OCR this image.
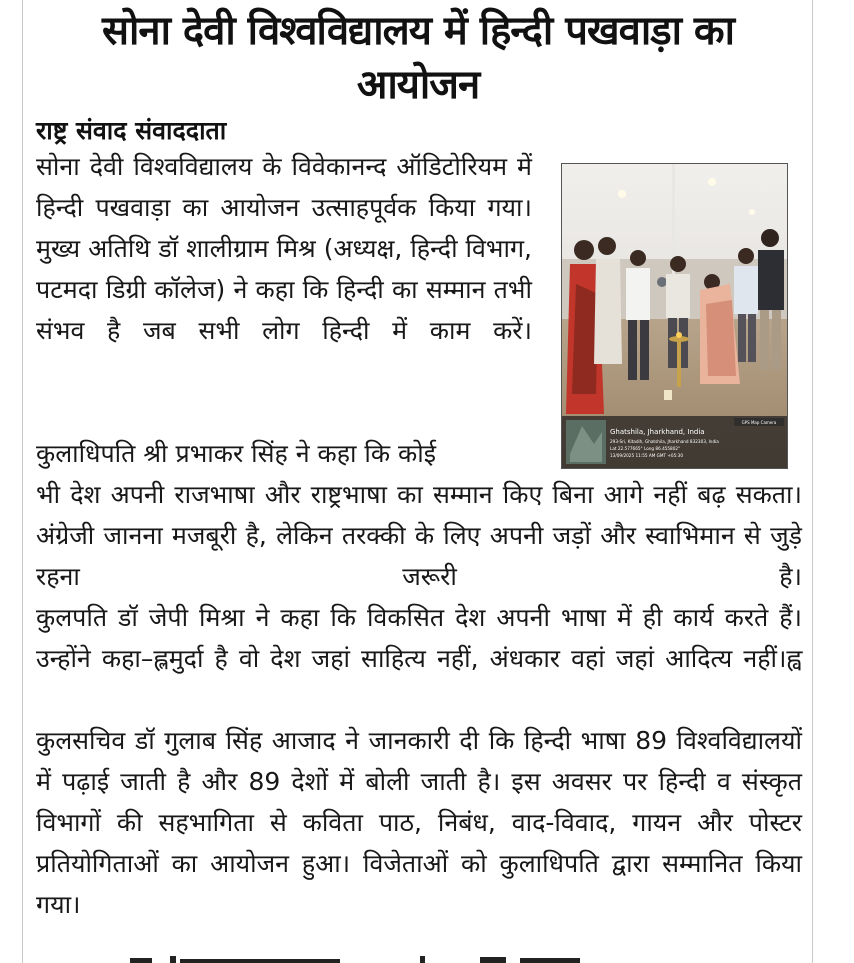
सोना देवी विश्वविद्यालय में हिन्दी पखवाड़ा का
आयोजन
राष्ट्र संवाद संवाददाता
सोना देवी विश्वविद्यालय के विवेकानन्द ऑडिटोरियम में हिन्दी पखवाड़ा का आयोजन उत्साहपूर्वक किया गया। मुख्य अतिथि डॉ शालीग्राम मिश्र (अध्यक्ष, हिन्दी विभाग, पटमदा डिग्री कॉलेज) ने कहा कि हिन्दी का सम्मान तभी संभव है जब सभी लोग हिन्दी में काम करें।
कुलाधिपति श्री प्रभाकर सिंह ने कहा कि कोई
भी देश अपनी राजभाषा और राष्ट्रभाषा का सम्मान किए बिना आगे नहीं बढ़ सकता। अंग्रेजी जानना मजबूरी है, लेकिन तरक्की के लिए अपनी जड़ों और स्वाभिमान से जुड़े रहना जरूरी है।
कुलपति डॉ जेपी मिश्रा ने कहा कि विकसित देश अपनी भाषा में ही कार्य करते हैं। उन्होंने कहा–ह्लमुर्दा है वो देश जहां साहित्य नहीं, अंधकार वहां जहां आदित्य नहीं।ह्व
कुलसचिव डॉ गुलाब सिंह आजाद ने जानकारी दी कि हिन्दी भाषा 89 विश्वविद्यालयों में पढ़ाई जाती है और 89 देशों में बोली जाती है। इस अवसर पर हिन्दी व संस्कृत विभागों की सहभागिता से कविता पाठ, निबंध, वाद-विवाद, गायन और पोस्टर प्रतियोगिताओं का आयोजन हुआ। विजेताओं को कुलाधिपति द्वारा सम्मानित किया गया।
GPS Map Camera
Ghatshila, Jharkhand, India
293-Sri, Kitadih, Ghatshila, Jharkhand 832303, India
Lat 22.577665° Long 86.455802°
13/09/2025 11:55 AM GMT +05:30
